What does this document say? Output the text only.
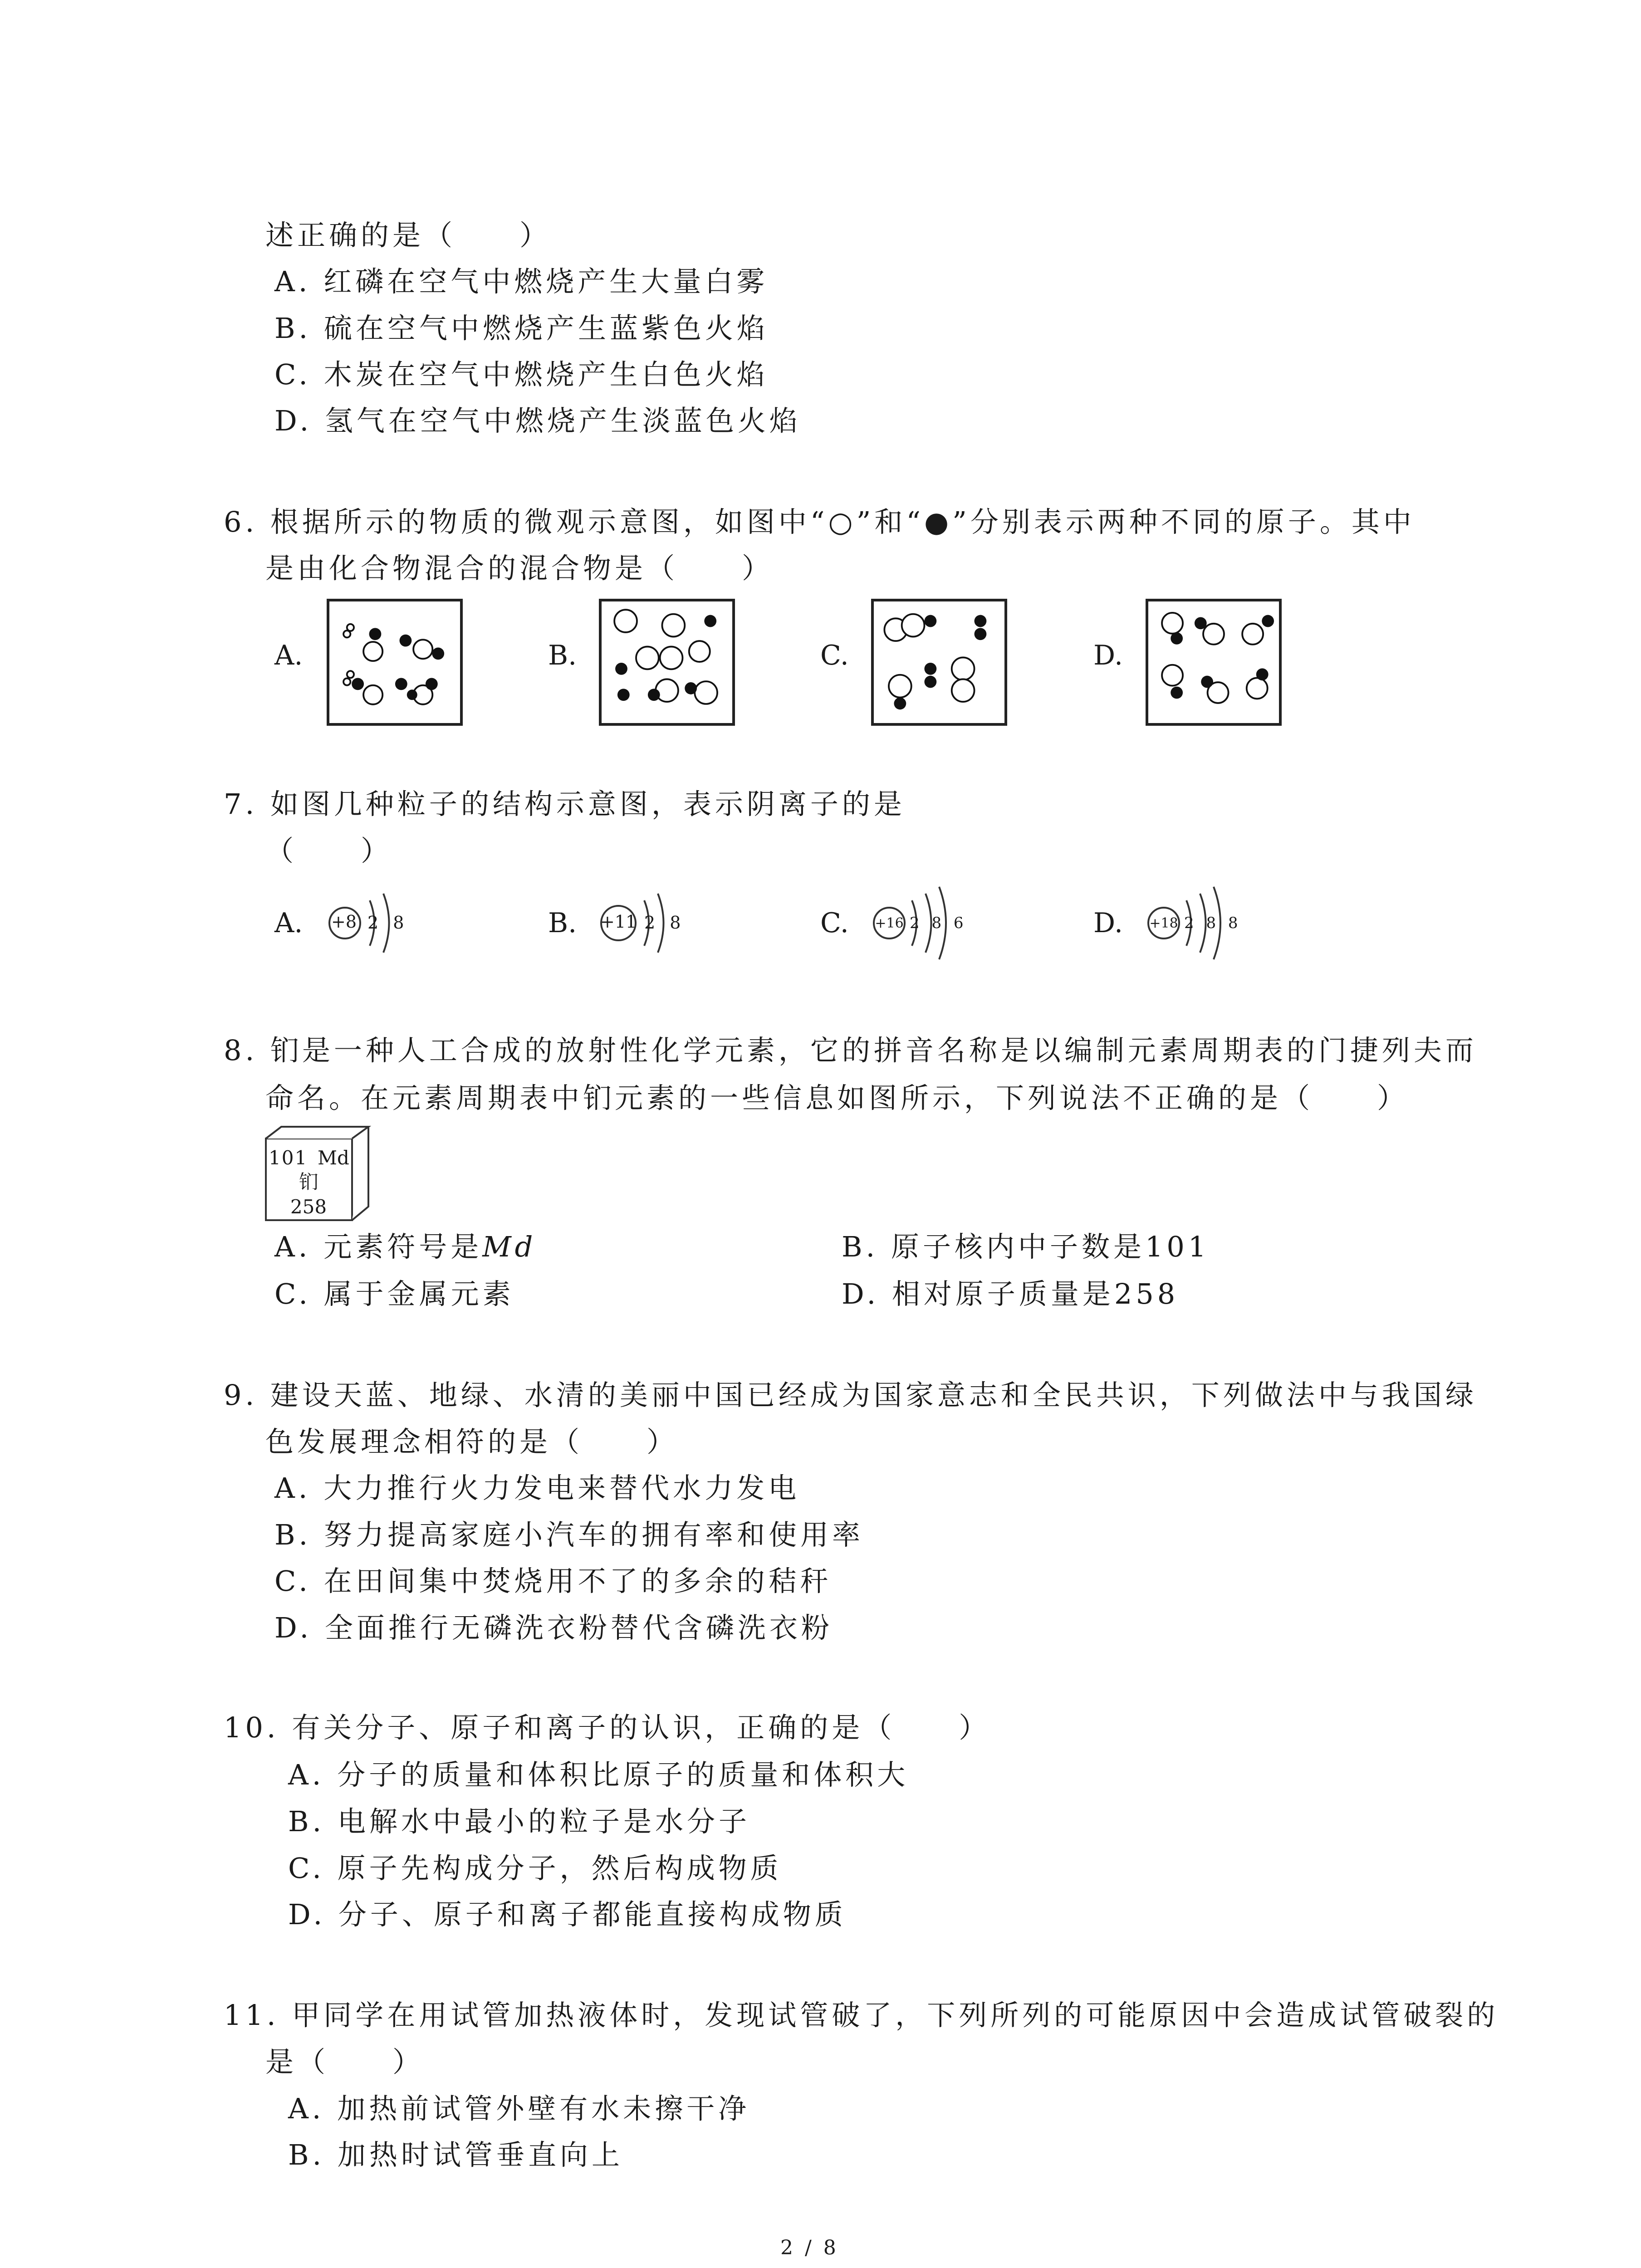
述正确的是（　　）
A. 红磷在空气中燃烧产生大量白雾
B. 硫在空气中燃烧产生蓝紫色火焰
C. 木炭在空气中燃烧产生白色火焰
D. 氢气在空气中燃烧产生淡蓝色火焰
6. 根据所示的物质的微观示意图，如图中“○”和“●”分别表示两种不同的原子。其中
是由化合物混合的混合物是（　　）
A.	B.	C.	D.
7. 如图几种粒子的结构示意图，表示阴离子的是
（　　）
A.	+8 2 8	B. +11 2 8	C. +16 2 8 6	D. +18 2 8 8
8. 钔是一种人工合成的放射性化学元素，它的拼音名称是以编制元素周期表的门捷列夫而
命名。在元素周期表中钔元素的一些信息如图所示，下列说法不正确的是（　　）
101 Md
钔
258
A. 元素符号是Md	B. 原子核内中子数是101
C. 属于金属元素	D. 相对原子质量是258
9. 建设天蓝、地绿、水清的美丽中国已经成为国家意志和全民共识，下列做法中与我国绿
色发展理念相符的是（　　）
A. 大力推行火力发电来替代水力发电
B. 努力提高家庭小汽车的拥有率和使用率
C. 在田间集中焚烧用不了的多余的秸秆
D. 全面推行无磷洗衣粉替代含磷洗衣粉
10. 有关分子、原子和离子的认识，正确的是（　　）
A. 分子的质量和体积比原子的质量和体积大
B. 电解水中最小的粒子是水分子
C. 原子先构成分子，然后构成物质
D. 分子、原子和离子都能直接构成物质
11. 甲同学在用试管加热液体时，发现试管破了，下列所列的可能原因中会造成试管破裂的
是（　　）
A. 加热前试管外壁有水未擦干净
B. 加热时试管垂直向上
2 / 8
